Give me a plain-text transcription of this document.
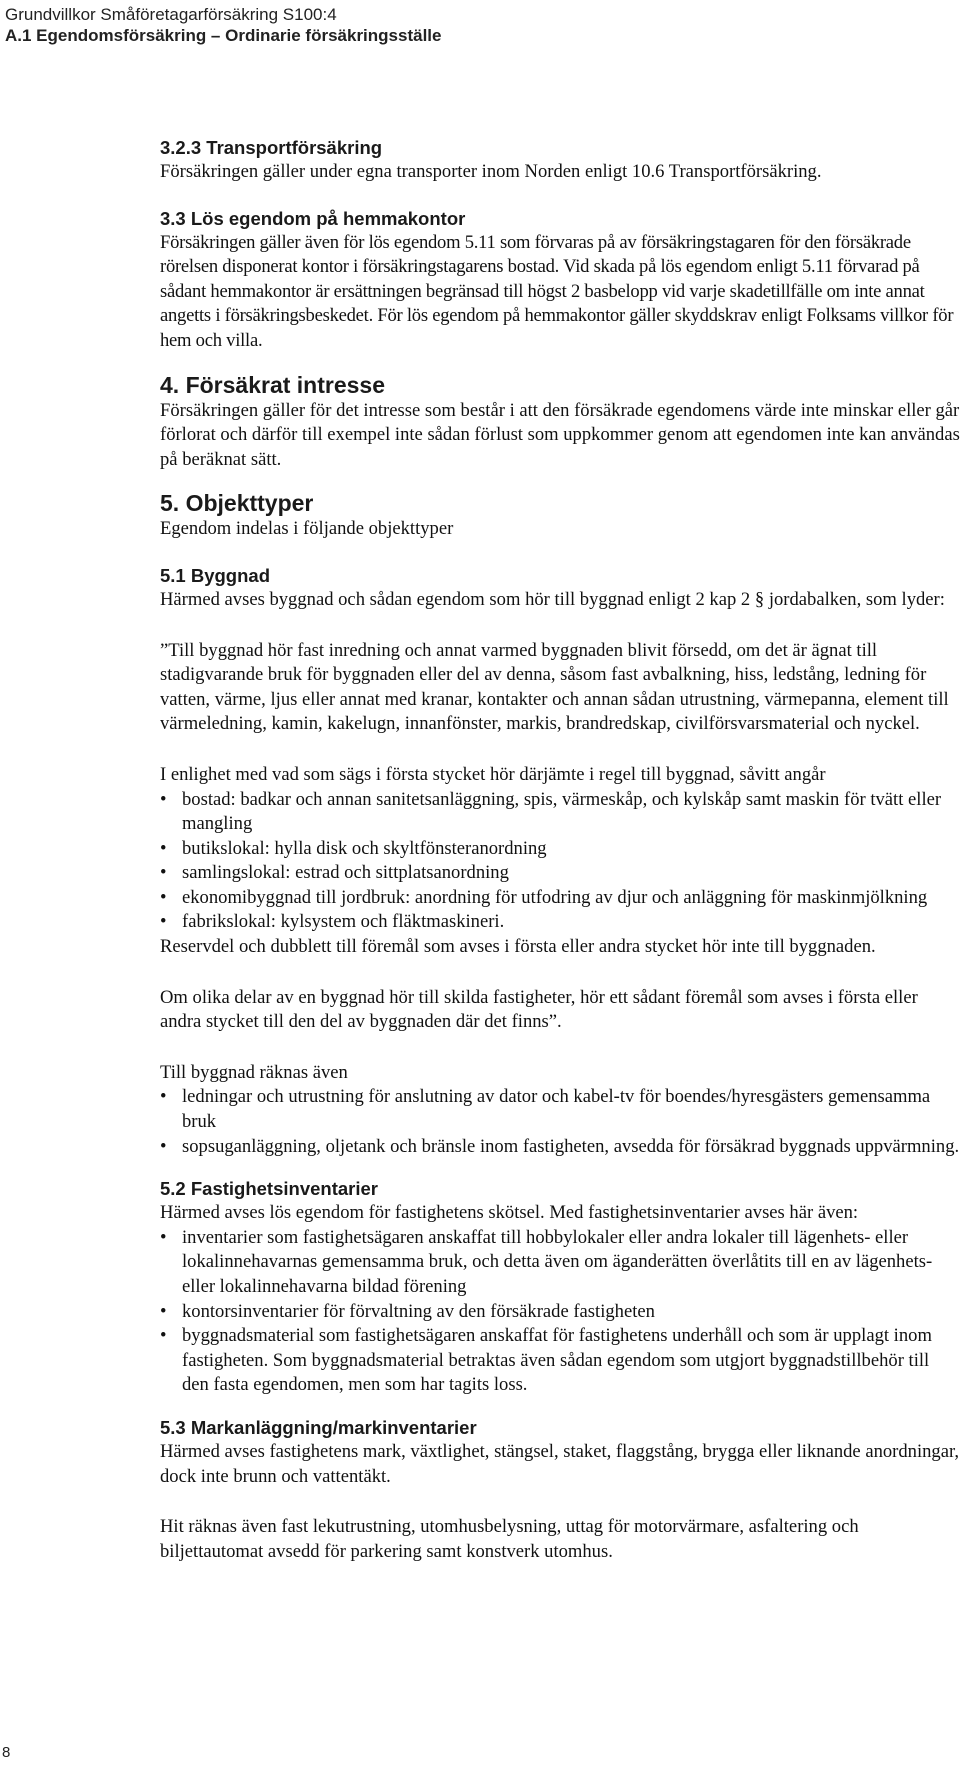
Grundvillkor Småföretagarförsäkring S100:4
A.1 Egendomsförsäkring – Ordinarie försäkringsställe
3.2.3 Transportförsäkring

Försäkringen gäller under egna transporter inom Norden enligt 10.6 Transportförsäkring.

3.3 Lös egendom på hemmakontor

Försäkringen gäller även för lös egendom 5.11 som förvaras på av försäkringstagaren för den försäkrade rörelsen disponerat kontor i försäkringstagarens bostad. Vid skada på lös egendom enligt 5.11 förvarad på sådant hemmakontor är ersättningen begränsad till högst 2 basbelopp vid varje skadetillfälle om inte annat angetts i försäkringsbeskedet. För lös egendom på hemmakontor gäller skyddskrav enligt Folksams villkor för hem och villa.

4. Försäkrat intresse

Försäkringen gäller för det intresse som består i att den försäkrade egendomens värde inte minskar eller går förlorat och därför till exempel inte sådan förlust som uppkommer genom att egendomen inte kan användas på beräknat sätt.

5. Objekttyper

Egendom indelas i följande objekttyper

5.1 Byggnad

Härmed avses byggnad och sådan egendom som hör till byggnad enligt 2 kap 2 § jordabalken, som lyder:

”Till byggnad hör fast inredning och annat varmed byggnaden blivit försedd, om det är ägnat till stadigvarande bruk för byggnaden eller del av denna, såsom fast avbalkning, hiss, ledstång, ledning för vatten, värme, ljus eller annat med kranar, kontakter och annan sådan utrustning, värmepanna, element till värmeledning, kamin, kakelugn, innanfönster, markis, brandredskap, civilförsvarsmaterial och nyckel.

I enlighet med vad som sägs i första stycket hör därjämte i regel till byggnad, såvitt angår

• bostad: badkar och annan sanitetsanläggning, spis, värmeskåp, och kylskåp samt maskin för tvätt eller mangling
• butikslokal: hylla disk och skyltfönsteranordning
• samlingslokal: estrad och sittplatsanordning
• ekonomibyggnad till jordbruk: anordning för utfodring av djur och anläggning för maskinmjölkning
• fabrikslokal: kylsystem och fläktmaskineri.

Reservdel och dubblett till föremål som avses i första eller andra stycket hör inte till byggnaden.

Om olika delar av en byggnad hör till skilda fastigheter, hör ett sådant föremål som avses i första eller andra stycket till den del av byggnaden där det finns”.

Till byggnad räknas även

• ledningar och utrustning för anslutning av dator och kabel-tv för boendes/hyresgästers gemensamma bruk
• sopsuganläggning, oljetank och bränsle inom fastigheten, avsedda för försäkrad byggnads uppvärmning.
5.2 Fastighetsinventarier

Härmed avses lös egendom för fastighetens skötsel. Med fastighetsinventarier avses här även:

• inventarier som fastighetsägaren anskaffat till hobbylokaler eller andra lokaler till lägenhets- eller lokalinnehavarnas gemensamma bruk, och detta även om äganderätten överlåtits till en av lägenhets- eller lokalinnehavarna bildad förening
• kontorsinventarier för förvaltning av den försäkrade fastigheten
• byggnadsmaterial som fastighetsägaren anskaffat för fastighetens underhåll och som är upplagt inom fastigheten. Som byggnadsmaterial betraktas även sådan egendom som utgjort byggnadstillbehör till den fasta egendomen, men som har tagits loss.
5.3 Markanläggning/markinventarier

Härmed avses fastighetens mark, växtlighet, stängsel, staket, flaggstång, brygga eller liknande anordningar, dock inte brunn och vattentäkt.

Hit räknas även fast lekutrustning, utomhusbelysning, uttag för motorvärmare, asfaltering och biljettautomat avsedd för parkering samt konstverk utomhus.

8
